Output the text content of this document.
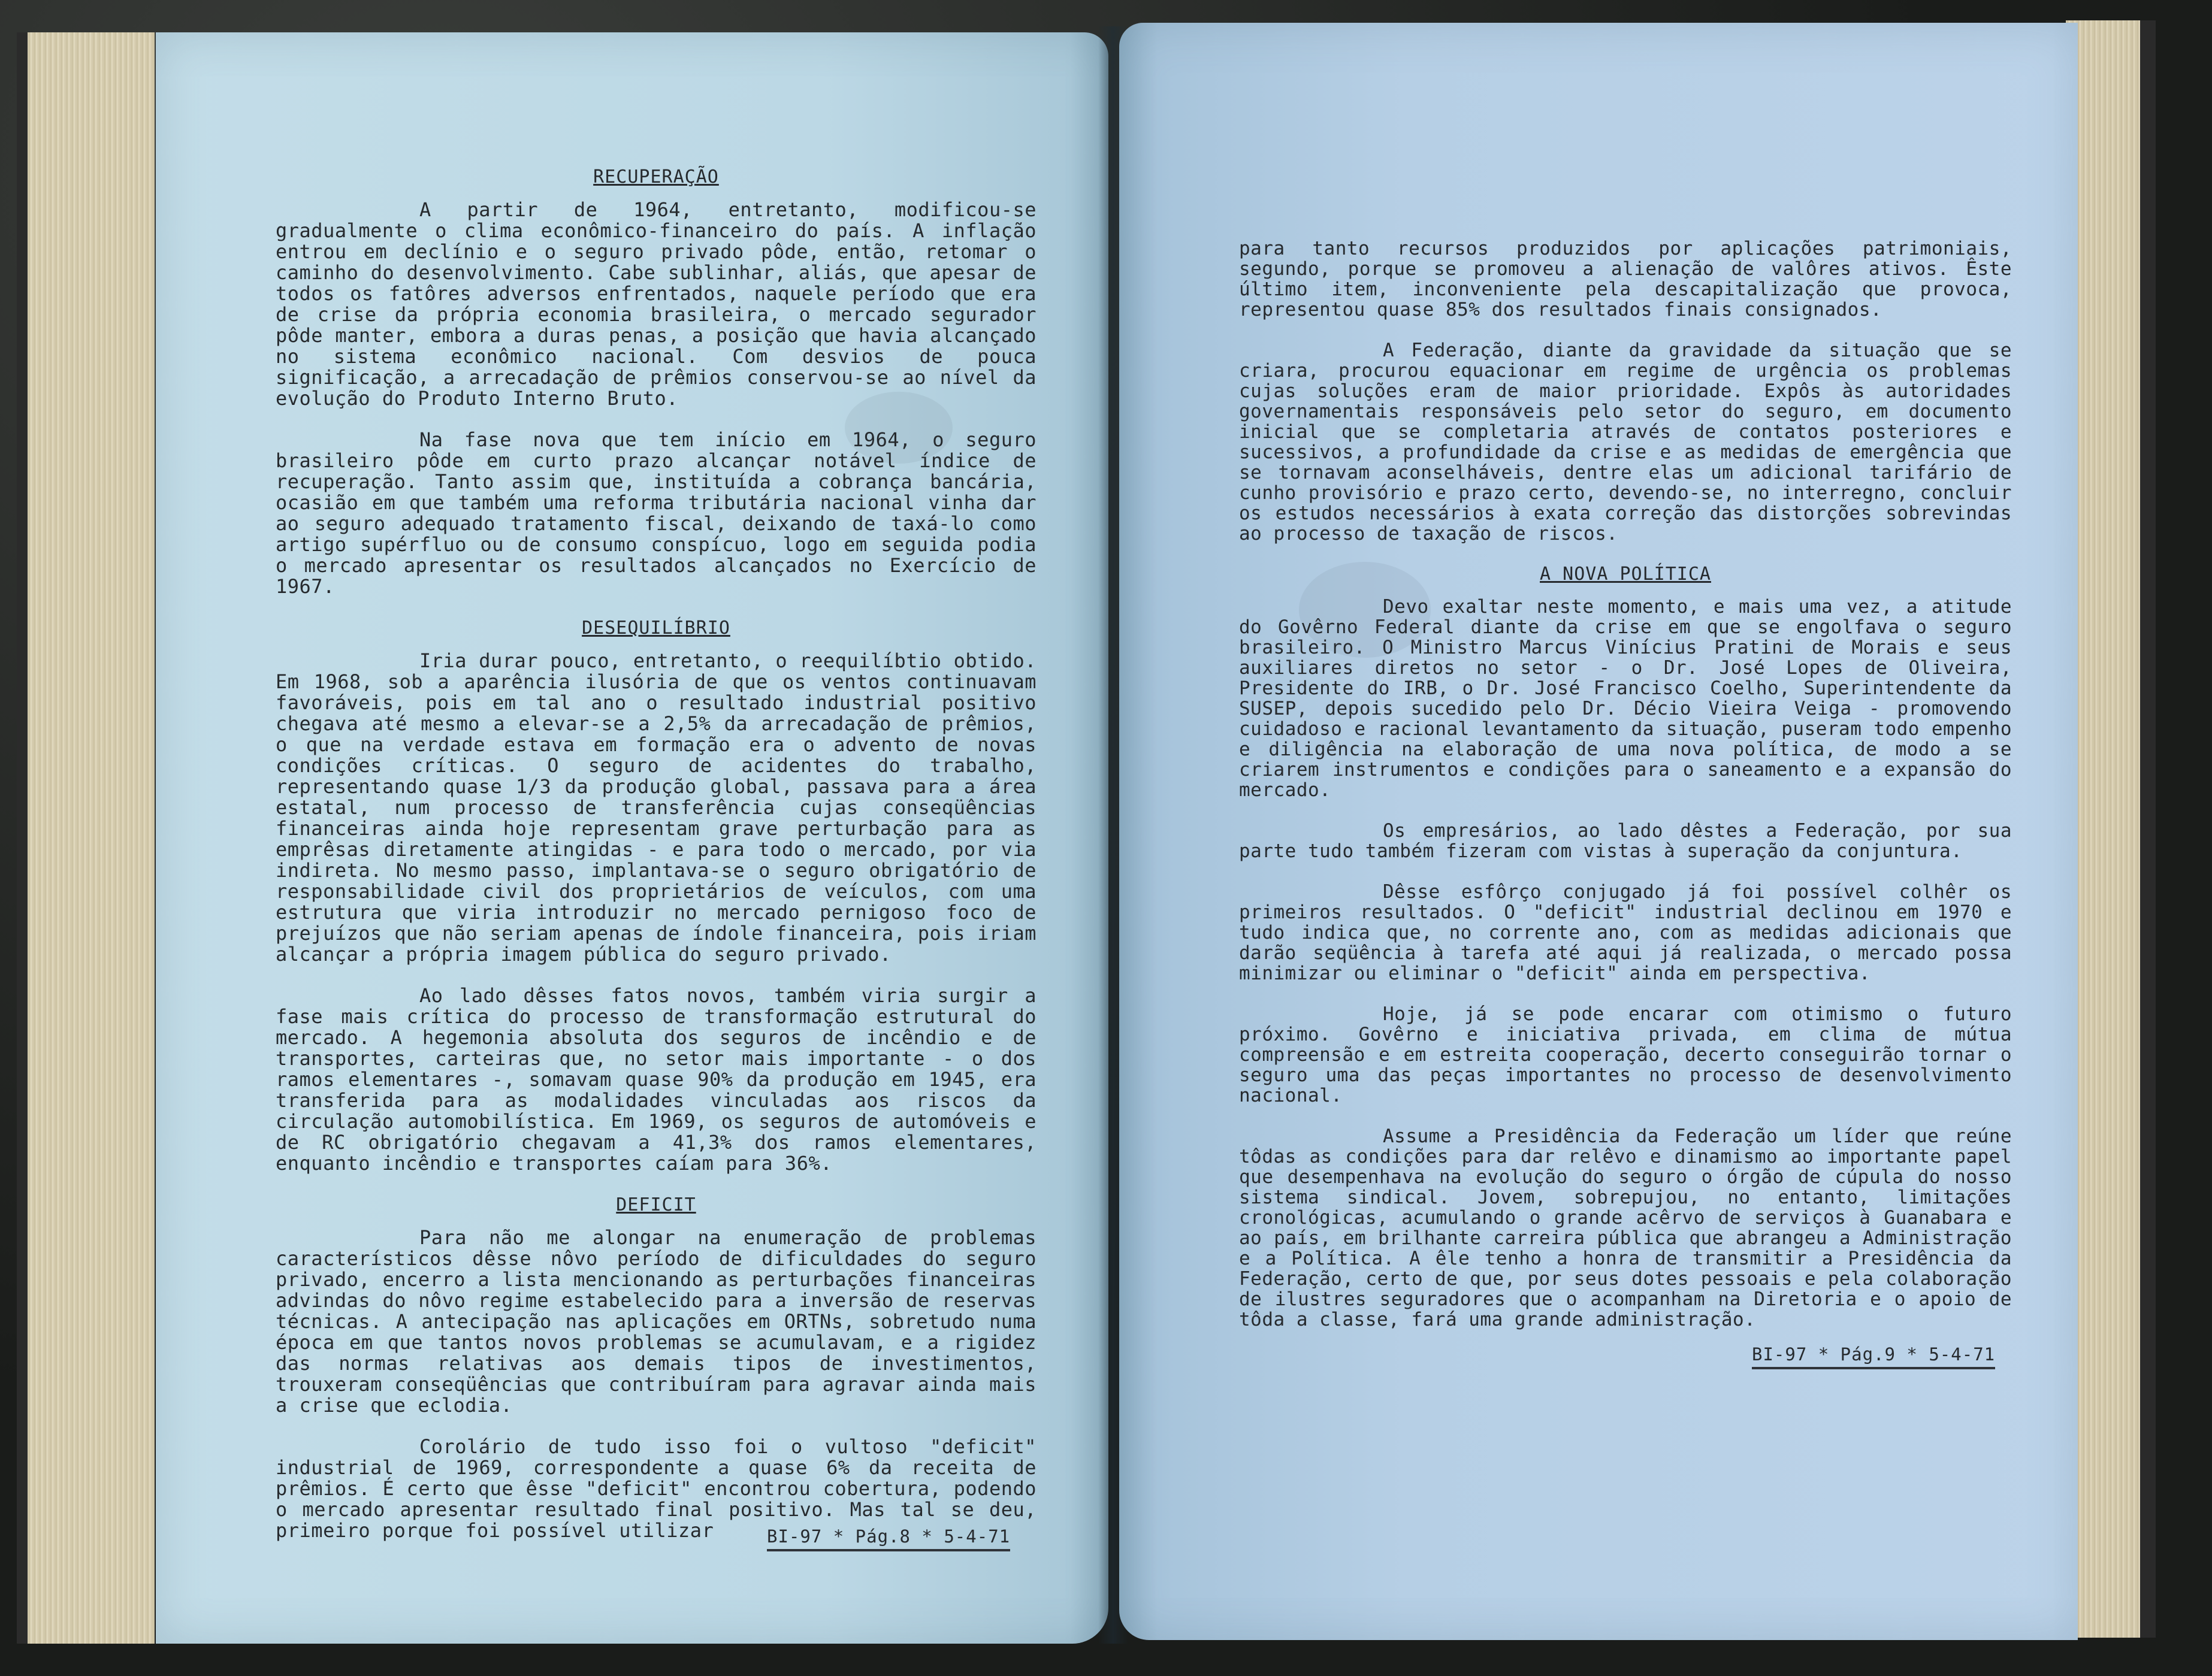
RECUPERAÇÃO

A partir de 1964, entretanto, modificou-se gradualmente o clima econômico-financeiro do país. A inflação entrou em declínio e o seguro privado pôde, então, retomar o caminho do desenvolvimento. Cabe sublinhar, aliás, que apesar de todos os fatôres adversos enfrentados, naquele período que era de crise da própria economia brasileira, o mercado segurador pôde manter, embora a duras penas, a posição que havia alcançado no sistema econômico nacional. Com desvios de pouca significação, a arrecadação de prêmios conservou-se ao nível da evolução do Produto Interno Bruto.

Na fase nova que tem início em 1964, o seguro brasileiro pôde em curto prazo alcançar notável índice de recuperação. Tanto assim que, instituída a cobrança bancária, ocasião em que também uma reforma tributária nacional vinha dar ao seguro adequado tratamento fiscal, deixando de taxá-lo como artigo supérfluo ou de consumo conspícuo, logo em seguida podia o mercado apresentar os resultados alcançados no Exercício de 1967.

DESEQUILÍBRIO

Iria durar pouco, entretanto, o reequilíbtio obtido. Em 1968, sob a aparência ilusória de que os ventos continuavam favoráveis, pois em tal ano o resultado industrial positivo chegava até mesmo a elevar-se a 2,5% da arrecadação de prêmios, o que na verdade estava em formação era o advento de novas condições críticas. O seguro de acidentes do trabalho, representando quase 1/3 da produção global, passava para a área estatal, num processo de transferência cujas conseqüências financeiras ainda hoje representam grave perturbação para as emprêsas diretamente atingidas - e para todo o mercado, por via indireta. No mesmo passo, implantava-se o seguro obrigatório de responsabilidade civil dos proprietários de veículos, com uma estrutura que viria introduzir no mercado pernigoso foco de prejuízos que não seriam apenas de índole financeira, pois iriam alcançar a própria imagem pública do seguro privado.

Ao lado dêsses fatos novos, também viria surgir a fase mais crítica do processo de transformação estrutural do mercado. A hegemonia absoluta dos seguros de incêndio e de transportes, carteiras que, no setor mais importante - o dos ramos elementares -, somavam quase 90% da produção em 1945, era transferida para as modalidades vinculadas aos riscos da circulação automobilística. Em 1969, os seguros de automóveis e de RC obrigatório chegavam a 41,3% dos ramos elementares, enquanto incêndio e transportes caíam para 36%.

DEFICIT

Para não me alongar na enumeração de problemas característicos dêsse nôvo período de dificuldades do seguro privado, encerro a lista mencionando as perturbações financeiras advindas do nôvo regime estabelecido para a inversão de reservas técnicas. A antecipação nas aplicações em ORTNs, sobretudo numa época em que tantos novos problemas se acumulavam, e a rigidez das normas relativas aos demais tipos de investimentos, trouxeram conseqüências que contribuíram para agravar ainda mais a crise que eclodia.

Corolário de tudo isso foi o vultoso "deficit" industrial de 1969, correspondente a quase 6% da receita de prêmios. É certo que êsse "deficit" encontrou cobertura, podendo o mercado apresentar resultado final positivo. Mas tal se deu, primeiro porque foi possível utilizar	BI-97 * Pág.8 * 5-4-71

para tanto recursos produzidos por aplicações patrimoniais, segundo, porque se promoveu a alienação de valôres ativos. Êste último item, inconveniente pela descapitalização que provoca, representou quase 85% dos resultados finais consignados.

A Federação, diante da gravidade da situação que se criara, procurou equacionar em regime de urgência os problemas cujas soluções eram de maior prioridade. Expôs às autoridades governamentais responsáveis pelo setor do seguro, em documento inicial que se completaria através de contatos posteriores e sucessivos, a profundidade da crise e as medidas de emergência que se tornavam aconselháveis, dentre elas um adicional tarifário de cunho provisório e prazo certo, devendo-se, no interregno, concluir os estudos necessários à exata correção das distorções sobrevindas ao processo de taxação de riscos.

A NOVA POLÍTICA

Devo exaltar neste momento, e mais uma vez, a atitude do Govêrno Federal diante da crise em que se engolfava o seguro brasileiro. O Ministro Marcus Vinícius Pratini de Morais e seus auxiliares diretos no setor - o Dr. José Lopes de Oliveira, Presidente do IRB, o Dr. José Francisco Coelho, Superintendente da SUSEP, depois sucedido pelo Dr. Décio Vieira Veiga - promovendo cuidadoso e racional levantamento da situação, puseram todo empenho e diligência na elaboração de uma nova política, de modo a se criarem instrumentos e condições para o saneamento e a expansão do mercado.

Os empresários, ao lado dêstes a Federação, por sua parte tudo também fizeram com vistas à superação da conjuntura.

Dêsse esfôrço conjugado já foi possível colhêr os primeiros resultados. O "deficit" industrial declinou em 1970 e tudo indica que, no corrente ano, com as medidas adicionais que darão seqüência à tarefa até aqui já realizada, o mercado possa minimizar ou eliminar o "deficit" ainda em perspectiva.

Hoje, já se pode encarar com otimismo o futuro próximo. Govêrno e iniciativa privada, em clima de mútua compreensão e em estreita cooperação, decerto conseguirão tornar o seguro uma das peças importantes no processo de desenvolvimento nacional.

Assume a Presidência da Federação um líder que reúne tôdas as condições para dar relêvo e dinamismo ao importante papel que desempenhava na evolução do seguro o órgão de cúpula do nosso sistema sindical. Jovem, sobrepujou, no entanto, limitações cronológicas, acumulando o grande acêrvo de serviços à Guanabara e ao país, em brilhante carreira pública que abrangeu a Administração e a Política. A êle tenho a honra de transmitir a Presidência da Federação, certo de que, por seus dotes pessoais e pela colaboração de ilustres seguradores que o acompanham na Diretoria e o apoio de tôda a classe, fará uma grande administração.

BI-97 * Pág.9 * 5-4-71
